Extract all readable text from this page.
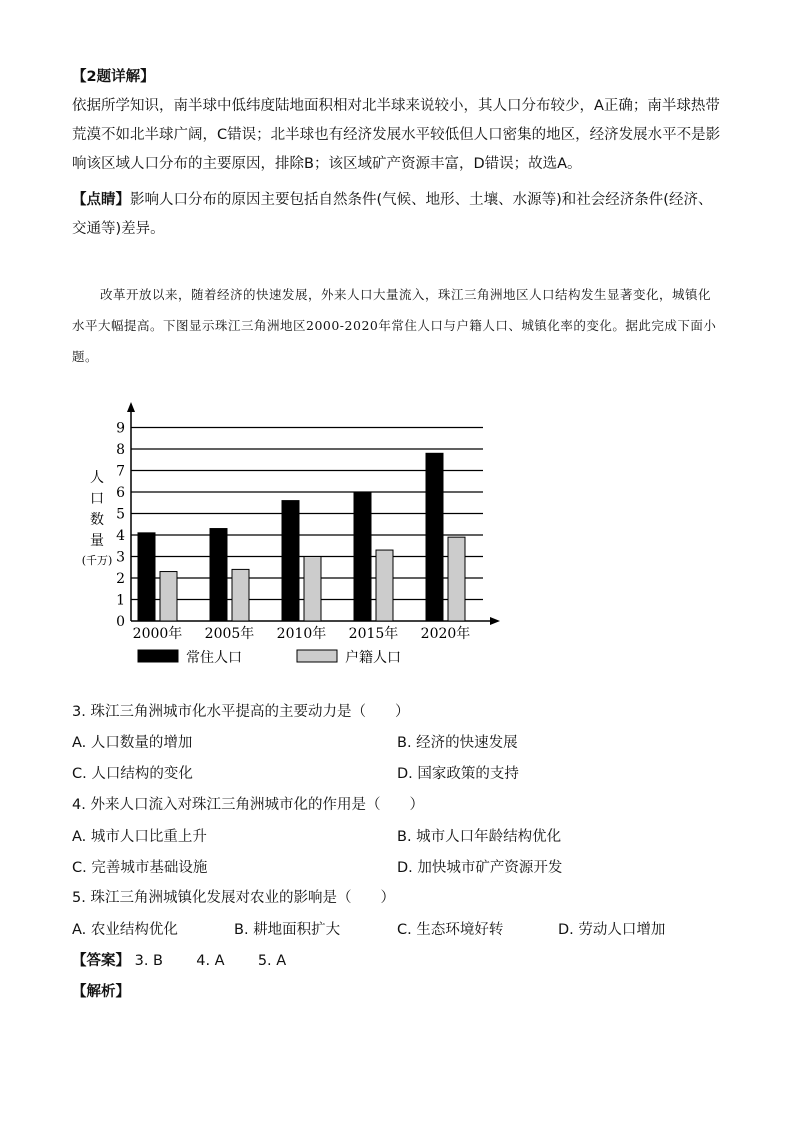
【2题详解】
依据所学知识，南半球中低纬度陆地面积相对北半球来说较小，其人口分布较少，A正确；南半球热带荒漠不如北半球广阔，C错误；北半球也有经济发展水平较低但人口密集的地区，经济发展水平不是影响该区域人口分布的主要原因，排除B；该区域矿产资源丰富，D错误；故选A。
【点睛】影响人口分布的原因主要包括自然条件(气候、地形、土壤、水源等)和社会经济条件(经济、交通等)差异。
改革开放以来，随着经济的快速发展，外来人口大量流入，珠江三角洲地区人口结构发生显著变化，城镇化水平大幅提高。下图显示珠江三角洲地区2000-2020年常住人口与户籍人口、城镇化率的变化。据此完成下面小题。
0
1
2
3
4
5
6
7
8
9
人
口
数
量
(千万)
2000年 2005年 2010年 2015年 2020年
常住人口	户籍人口
3. 珠江三角洲城市化水平提高的主要动力是（　　）
A. 人口数量的增加	B. 经济的快速发展
C. 人口结构的变化	D. 国家政策的支持
4. 外来人口流入对珠江三角洲城市化的作用是（　　）
A. 城市人口比重上升	B. 城市人口年龄结构优化
C. 完善城市基础设施	D. 加快城市矿产资源开发
5. 珠江三角洲城镇化发展对农业的影响是（　　）
A. 农业结构优化	B. 耕地面积扩大	C. 生态环境好转	D. 劳动人口增加
【答案】 3. B 4. A 5. A
【解析】
